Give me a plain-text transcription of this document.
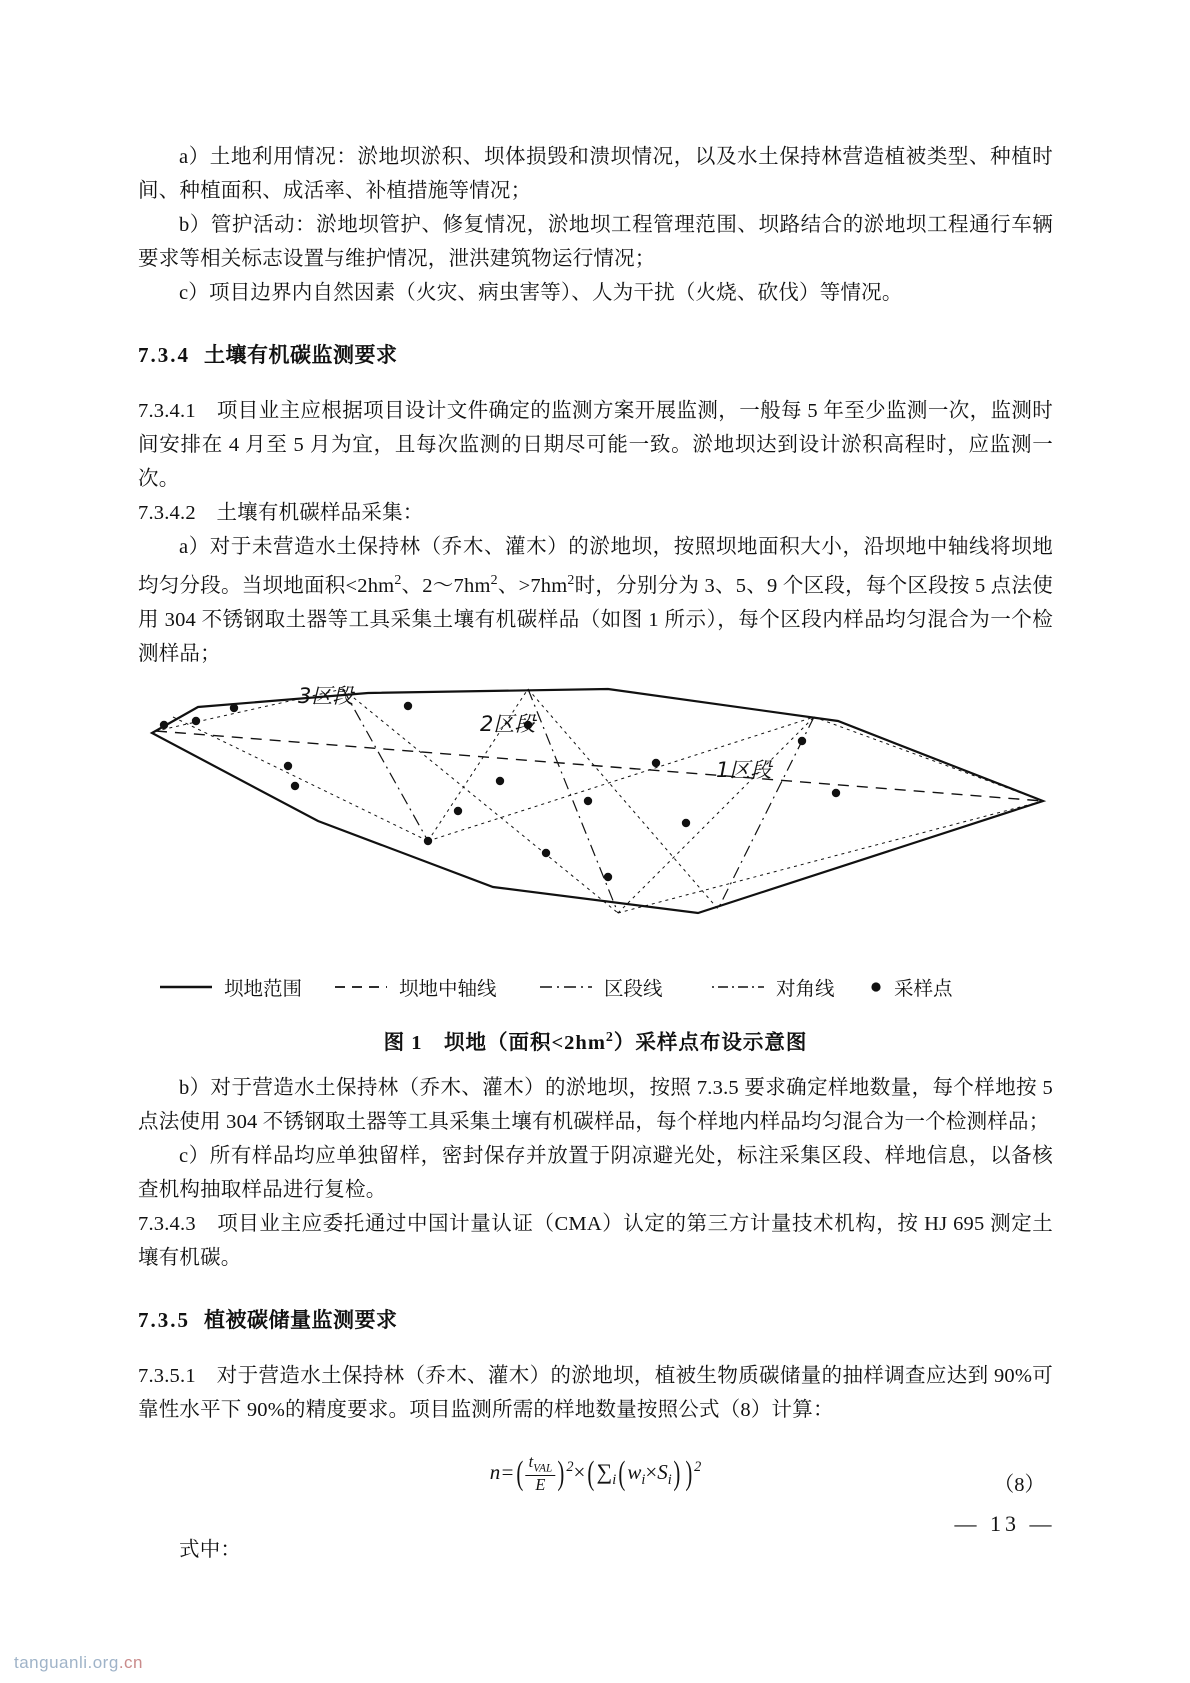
a）土地利用情况：淤地坝淤积、坝体损毁和溃坝情况，以及水土保持林营造植被类型、种植时间、种植面积、成活率、补植措施等情况；

b）管护活动：淤地坝管护、修复情况，淤地坝工程管理范围、坝路结合的淤地坝工程通行车辆要求等相关标志设置与维护情况，泄洪建筑物运行情况；

c）项目边界内自然因素（火灾、病虫害等）、人为干扰（火烧、砍伐）等情况。

7.3.4 土壤有机碳监测要求

7.3.4.1　项目业主应根据项目设计文件确定的监测方案开展监测，一般每 5 年至少监测一次，监测时间安排在 4 月至 5 月为宜，且每次监测的日期尽可能一致。淤地坝达到设计淤积高程时，应监测一次。

7.3.4.2　土壤有机碳样品采集：

a）对于未营造水土保持林（乔木、灌木）的淤地坝，按照坝地面积大小，沿坝地中轴线将坝地均匀分段。当坝地面积$<2hm^2$、$2\sim 7hm^2$、$>7hm^2$时，分别分为 3、5、9 个区段，每个区段按 5 点法使用 304 不锈钢取土器等工具采集土壤有机碳样品（如图 1 所示），每个区段内样品均匀混合为一个检测样品；

3区段
2区段
1区段
坝地范围	坝地中轴线	区段线	对角线	采样点
图 1　坝地（面积$<2hm^2$）采样点布设示意图

b）对于营造水土保持林（乔木、灌木）的淤地坝，按照 7.3.5 要求确定样地数量，每个样地按 5 点法使用 304 不锈钢取土器等工具采集土壤有机碳样品，每个样地内样品均匀混合为一个检测样品；

c）所有样品均应单独留样，密封保存并放置于阴凉避光处，标注采集区段、样地信息，以备核查机构抽取样品进行复检。

7.3.4.3　项目业主应委托通过中国计量认证（CMA）认定的第三方计量技术机构，按 HJ 695 测定土壤有机碳。

7.3.5 植被碳储量监测要求

7.3.5.1　对于营造水土保持林（乔木、灌木）的淤地坝，植被生物质碳储量的抽样调查应达到 90%可靠性水平下 90%的精度要求。项目监测所需的样地数量按照公式（8）计算：

$n=( \frac{t_{VAL}}{E}$ ) $^2\times(\sum_i$( $w_i\times S_i$) ) $^2$
（8）

式中：

— 13 —
tanguanli.org.cn
